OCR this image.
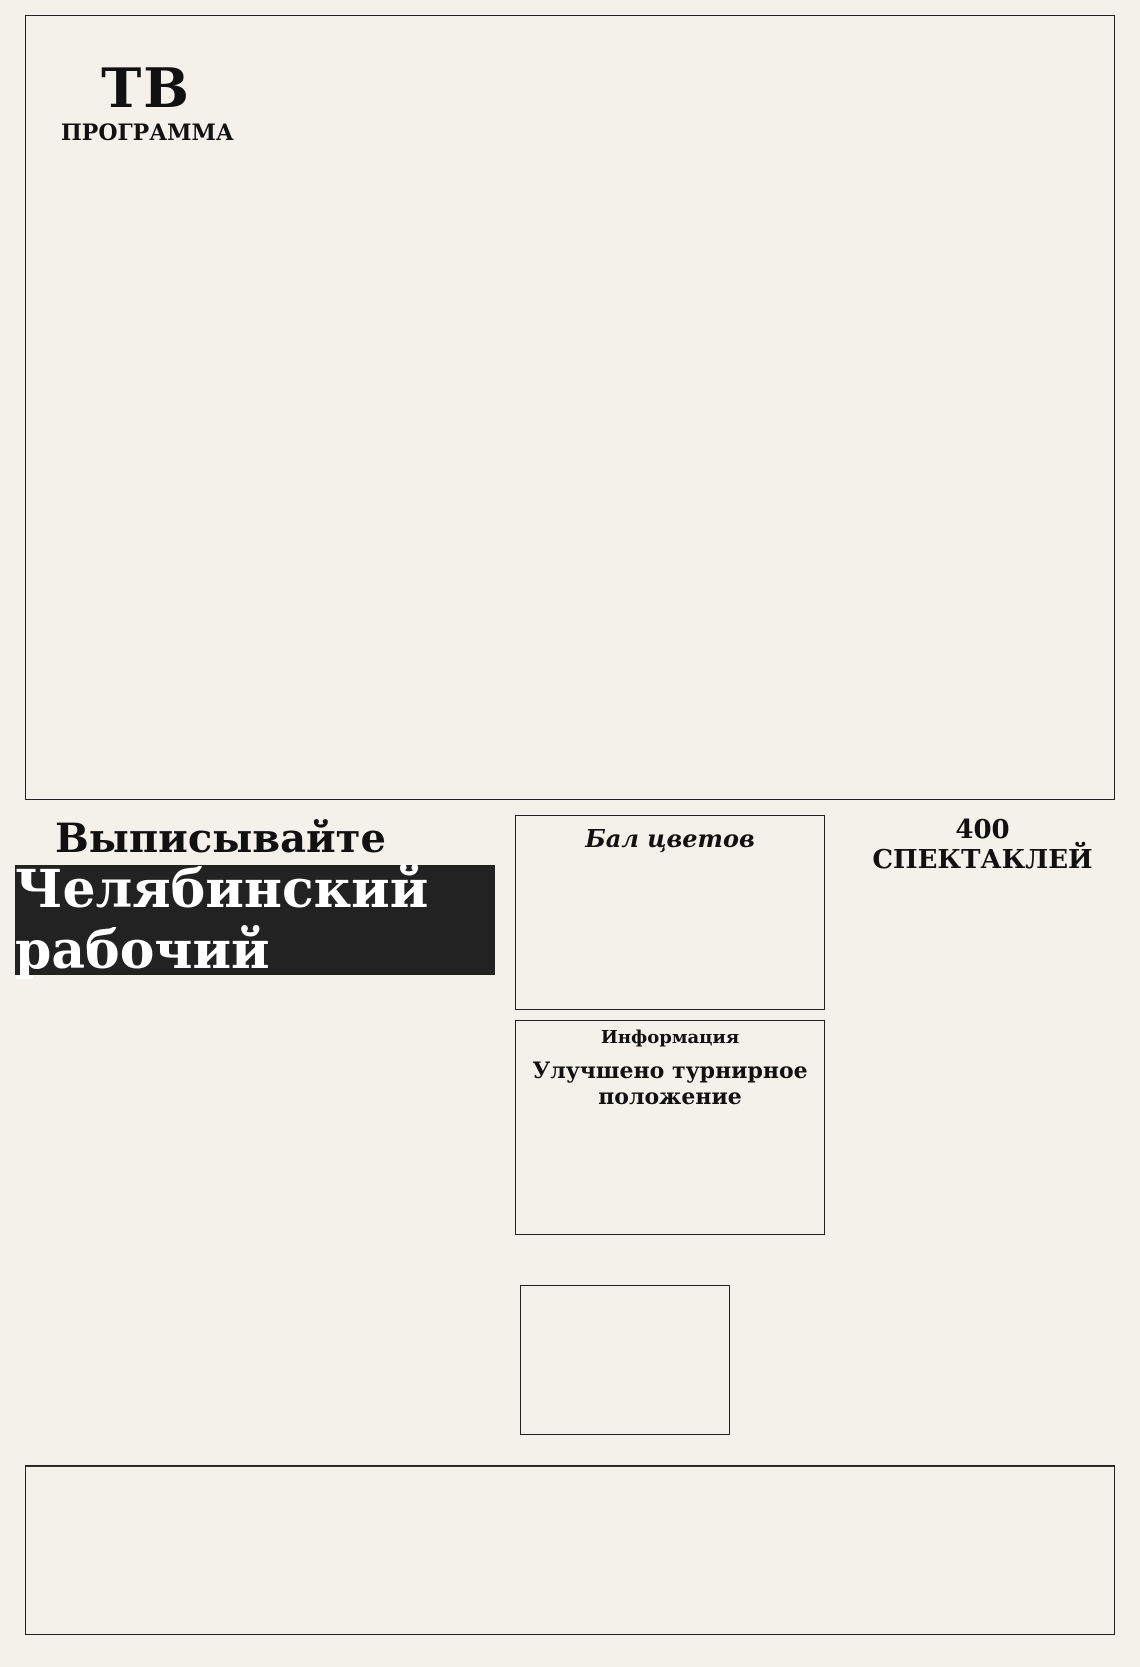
ТВ
ПРОГРАММА
Выписывайте
Челябинский рабочий
Бал цветов
Информация
Улучшено турнирное положение
400 СПЕКТАКЛЕЙ
